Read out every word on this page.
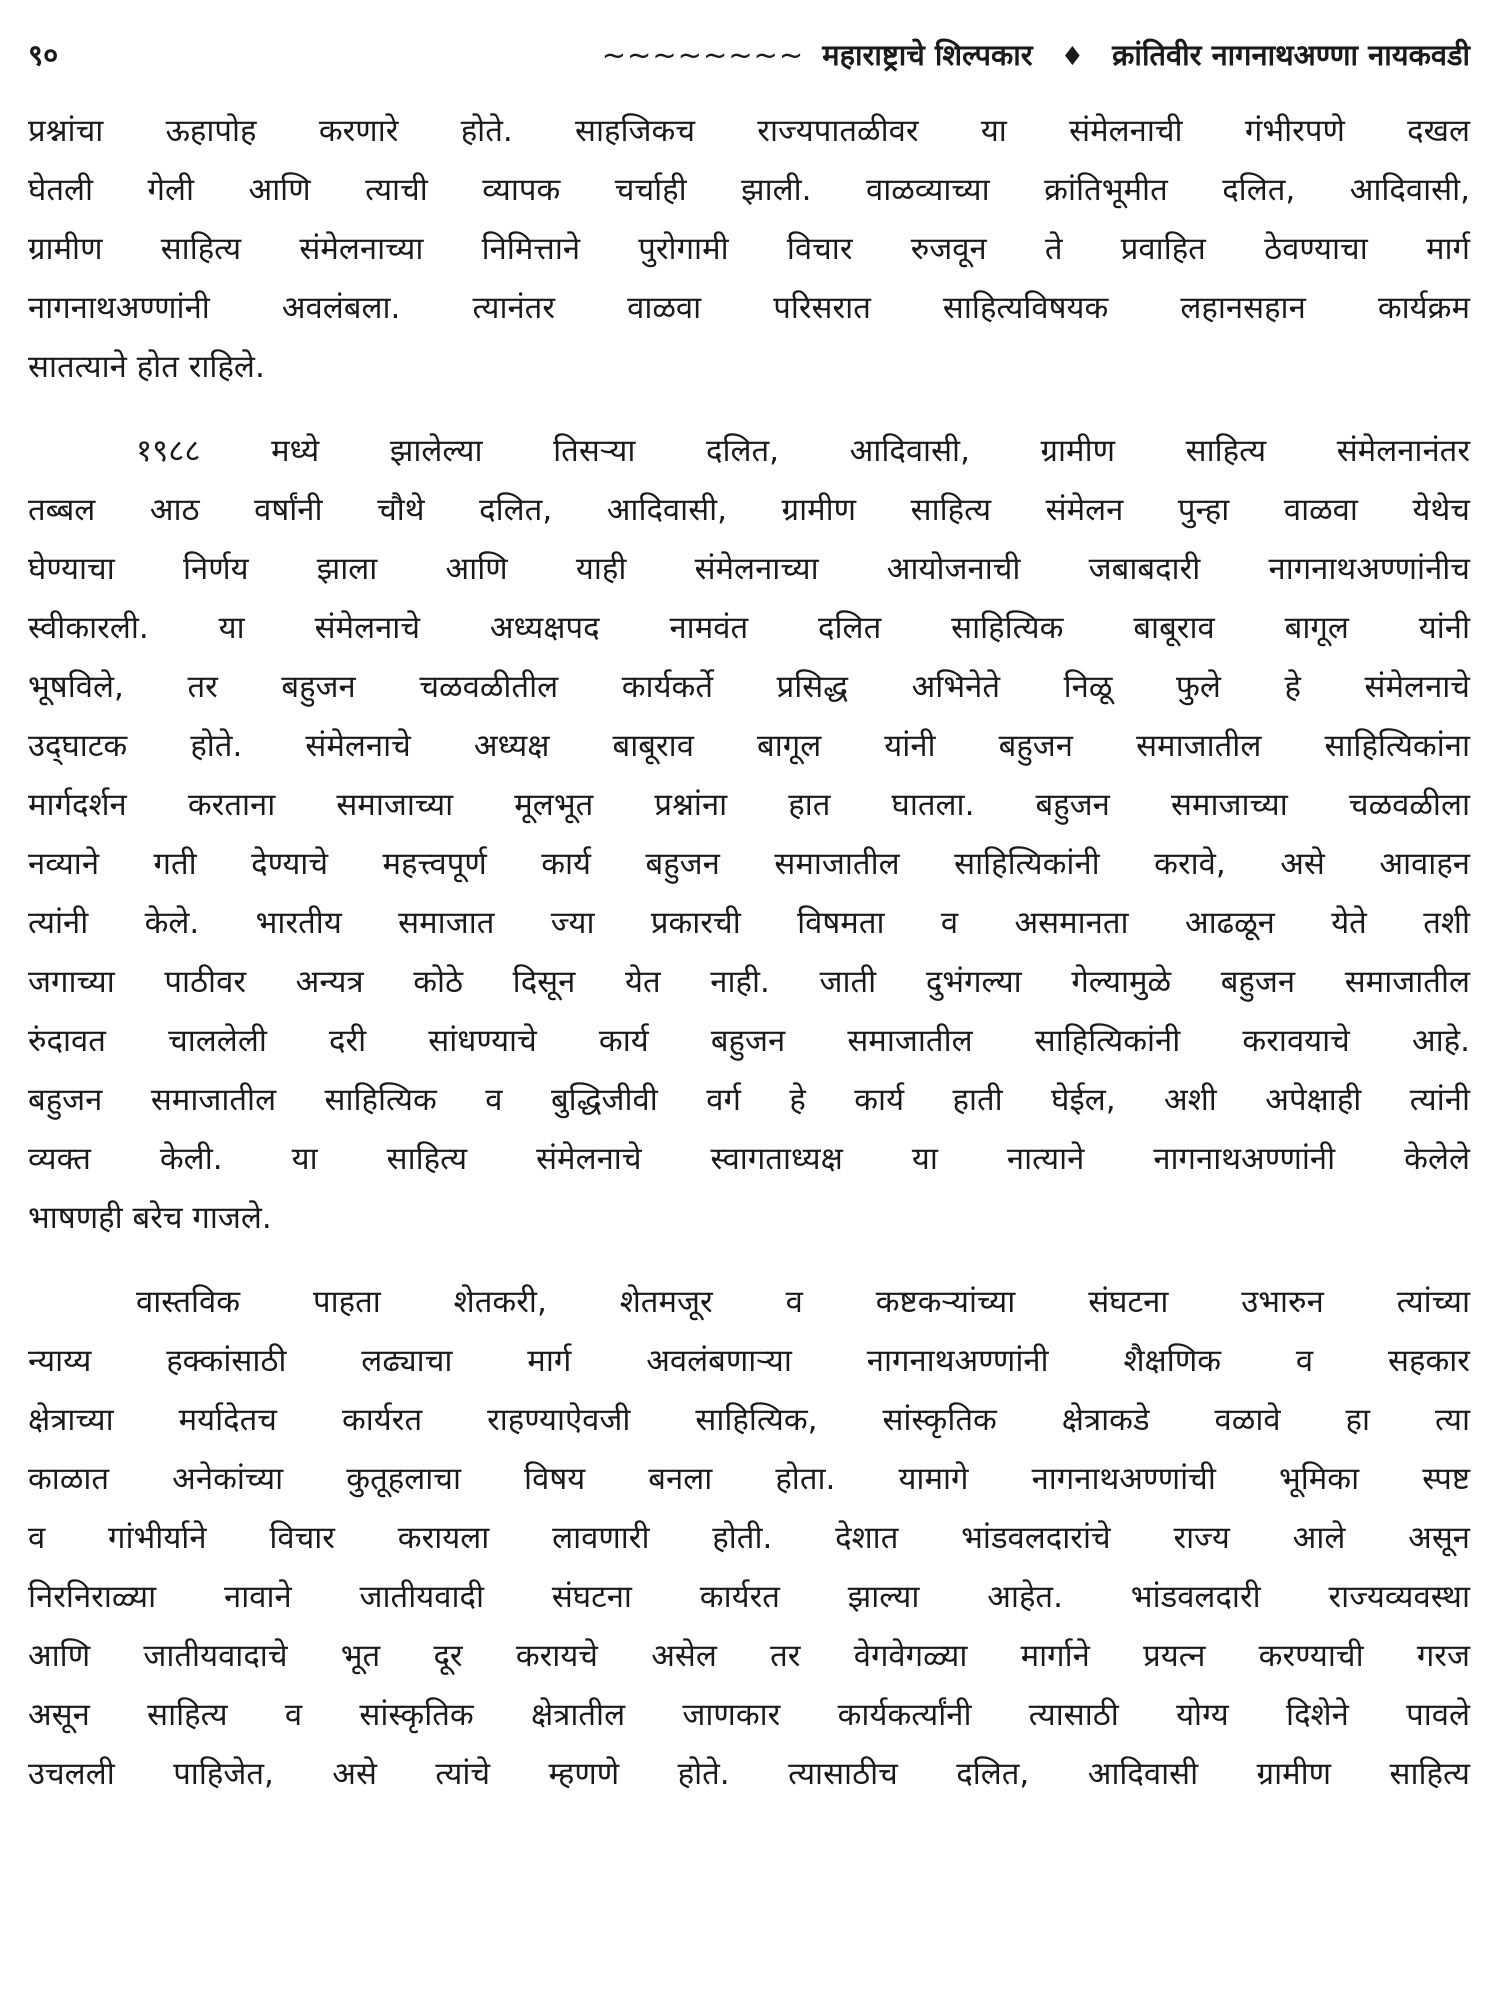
९०	~~~~~~~~ महाराष्ट्राचे शिल्पकार ♦ क्रांतिवीर नागनाथअण्णा नायकवडी
प्रश्नांचा ऊहापोह करणारे होते. साहजिकच राज्यपातळीवर या संमेलनाची गंभीरपणे दखल
घेतली गेली आणि त्याची व्यापक चर्चाही झाली. वाळव्याच्या क्रांतिभूमीत दलित, आदिवासी,
ग्रामीण साहित्य संमेलनाच्या निमित्ताने पुरोगामी विचार रुजवून ते प्रवाहित ठेवण्याचा मार्ग
नागनाथअण्णांनी अवलंबला. त्यानंतर वाळवा परिसरात साहित्यविषयक लहानसहान कार्यक्रम
सातत्याने होत राहिले.
१९८८ मध्ये झालेल्या तिसऱ्या दलित, आदिवासी, ग्रामीण साहित्य संमेलनानंतर
तब्बल आठ वर्षांनी चौथे दलित, आदिवासी, ग्रामीण साहित्य संमेलन पुन्हा वाळवा येथेच
घेण्याचा निर्णय झाला आणि याही संमेलनाच्या आयोजनाची जबाबदारी नागनाथअण्णांनीच
स्वीकारली. या संमेलनाचे अध्यक्षपद नामवंत दलित साहित्यिक बाबूराव बागूल यांनी
भूषविले, तर बहुजन चळवळीतील कार्यकर्ते प्रसिद्ध अभिनेते निळू फुले हे संमेलनाचे
उद्‌घाटक होते. संमेलनाचे अध्यक्ष बाबूराव बागूल यांनी बहुजन समाजातील साहित्यिकांना
मार्गदर्शन करताना समाजाच्या मूलभूत प्रश्नांना हात घातला. बहुजन समाजाच्या चळवळीला
नव्याने गती देण्याचे महत्त्वपूर्ण कार्य बहुजन समाजातील साहित्यिकांनी करावे, असे आवाहन
त्यांनी केले. भारतीय समाजात ज्या प्रकारची विषमता व असमानता आढळून येते तशी
जगाच्या पाठीवर अन्यत्र कोठे दिसून येत नाही. जाती दुभंगल्या गेल्यामुळे बहुजन समाजातील
रुंदावत चाललेली दरी सांधण्याचे कार्य बहुजन समाजातील साहित्यिकांनी करावयाचे आहे.
बहुजन समाजातील साहित्यिक व बुद्धिजीवी वर्ग हे कार्य हाती घेईल, अशी अपेक्षाही त्यांनी
व्यक्त केली. या साहित्य संमेलनाचे स्वागताध्यक्ष या नात्याने नागनाथअण्णांनी केलेले
भाषणही बरेच गाजले.
वास्तविक पाहता शेतकरी, शेतमजूर व कष्टकऱ्यांच्या संघटना उभारुन त्यांच्या
न्याय्य हक्कांसाठी लढ्याचा मार्ग अवलंबणाऱ्या नागनाथअण्णांनी शैक्षणिक व सहकार
क्षेत्राच्या मर्यादेतच कार्यरत राहण्याऐवजी साहित्यिक, सांस्कृतिक क्षेत्राकडे वळावे हा त्या
काळात अनेकांच्या कुतूहलाचा विषय बनला होता. यामागे नागनाथअण्णांची भूमिका स्पष्ट
व गांभीर्याने विचार करायला लावणारी होती. देशात भांडवलदारांचे राज्य आले असून
निरनिराळ्या नावाने जातीयवादी संघटना कार्यरत झाल्या आहेत. भांडवलदारी राज्यव्यवस्था
आणि जातीयवादाचे भूत दूर करायचे असेल तर वेगवेगळ्या मार्गाने प्रयत्न करण्याची गरज
असून साहित्य व सांस्कृतिक क्षेत्रातील जाणकार कार्यकर्त्यांनी त्यासाठी योग्य दिशेने पावले
उचलली पाहिजेत, असे त्यांचे म्हणणे होते. त्यासाठीच दलित, आदिवासी ग्रामीण साहित्य
